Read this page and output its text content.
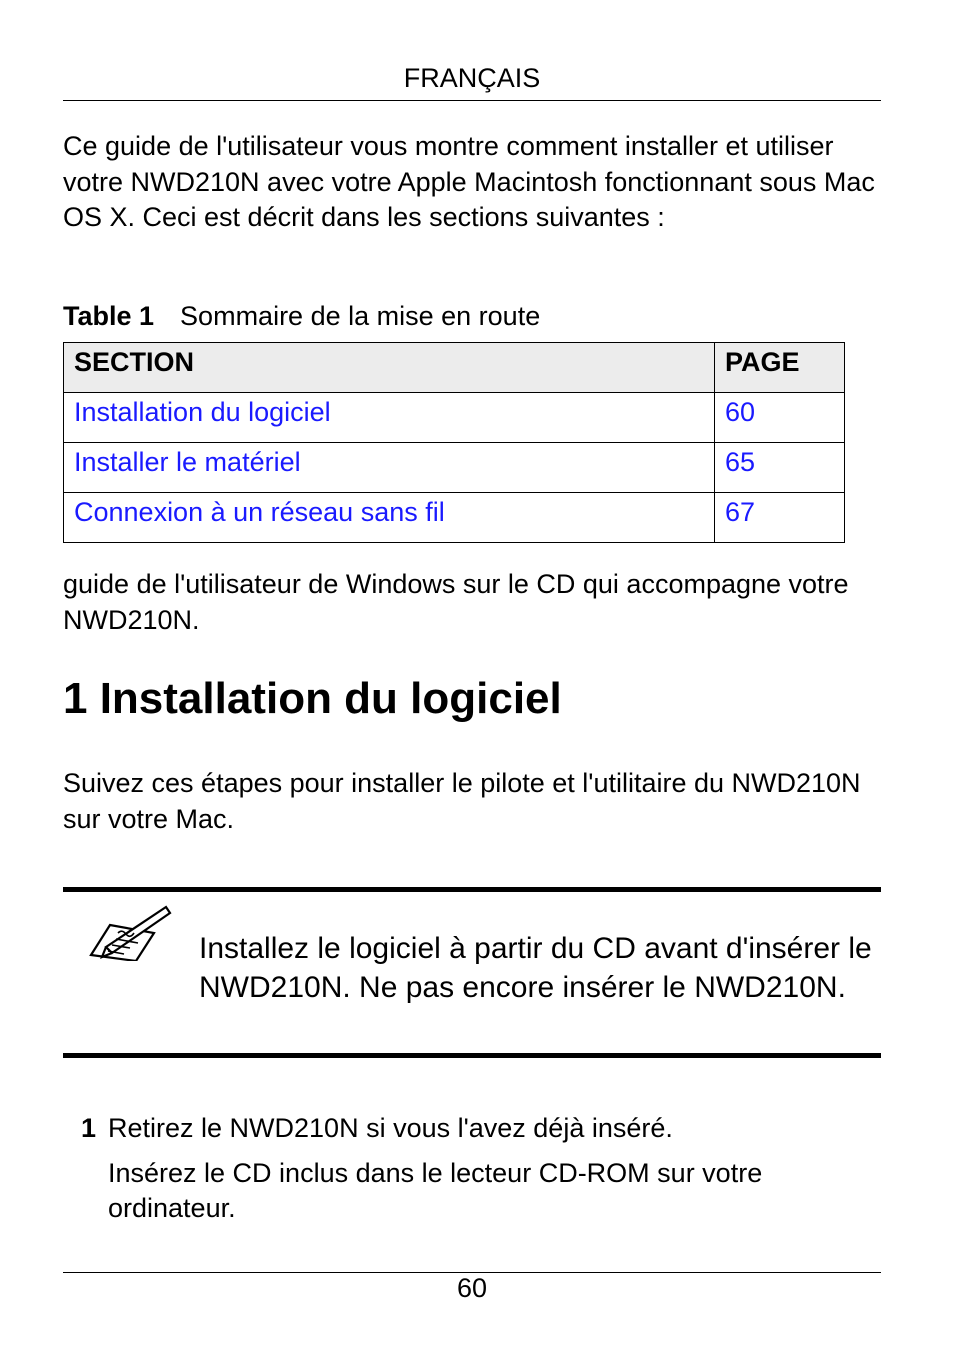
FRANÇAIS
Ce guide de l'utilisateur vous montre comment installer et utiliser votre NWD210N avec votre Apple Macintosh fonctionnant sous Mac OS X. Ceci est décrit dans les sections suivantes :
Table 1 Sommaire de la mise en route
SECTION	PAGE
Installation du logiciel	60
Installer le matériel	65
Connexion à un réseau sans fil	67
guide de l'utilisateur de Windows sur le CD qui accompagne votre NWD210N.
1 Installation du logiciel
Suivez ces étapes pour installer le pilote et l'utilitaire du NWD210N sur votre Mac.
Installez le logiciel à partir du CD avant d'insérer le NWD210N. Ne pas encore insérer le NWD210N.
1 Retirez le NWD210N si vous l'avez déjà inséré.
Insérez le CD inclus dans le lecteur CD-ROM sur votre ordinateur.
60
